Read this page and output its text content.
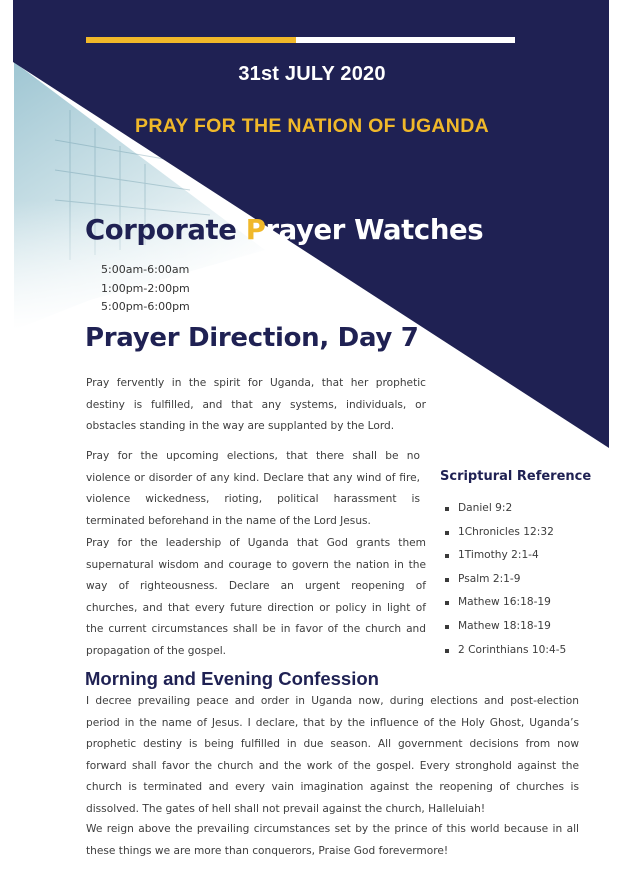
31st JULY 2020
PRAY FOR THE NATION OF UGANDA
Corporate Prayer Watches
5:00am-6:00am
1:00pm-2:00pm
5:00pm-6:00pm
Prayer Direction, Day 7

Pray fervently in the spirit for Uganda, that her prophetic destiny is fulfilled, and that any systems, individuals, or obstacles standing in the way are supplanted by the Lord.

Pray for the upcoming elections, that there shall be no violence or disorder of any kind. Declare that any wind of fire, violence wickedness, rioting, political harassment is terminated beforehand in the name of the Lord Jesus.

Pray for the leadership of Uganda that God grants them supernatural wisdom and courage to govern the nation in the way of righteousness. Declare an urgent reopening of churches, and that every future direction or policy in light of the current circumstances shall be in favor of the church and propagation of the gospel.

Scriptural Reference
Daniel 9:2
1Chronicles 12:32
1Timothy 2:1-4
Psalm 2:1-9
Mathew 16:18-19
Mathew 18:18-19
2 Corinthians 10:4-5
Morning and Evening Confession

I decree prevailing peace and order in Uganda now, during elections and post-election period in the name of Jesus. I declare, that by the influence of the Holy Ghost, Uganda’s prophetic destiny is being fulfilled in due season. All government decisions from now forward shall favor the church and the work of the gospel. Every stronghold against the church is terminated and every vain imagination against the reopening of churches is dissolved. The gates of hell shall not prevail against the church, Halleluiah!

We reign above the prevailing circumstances set by the prince of this world because in all these things we are more than conquerors, Praise God forevermore!
